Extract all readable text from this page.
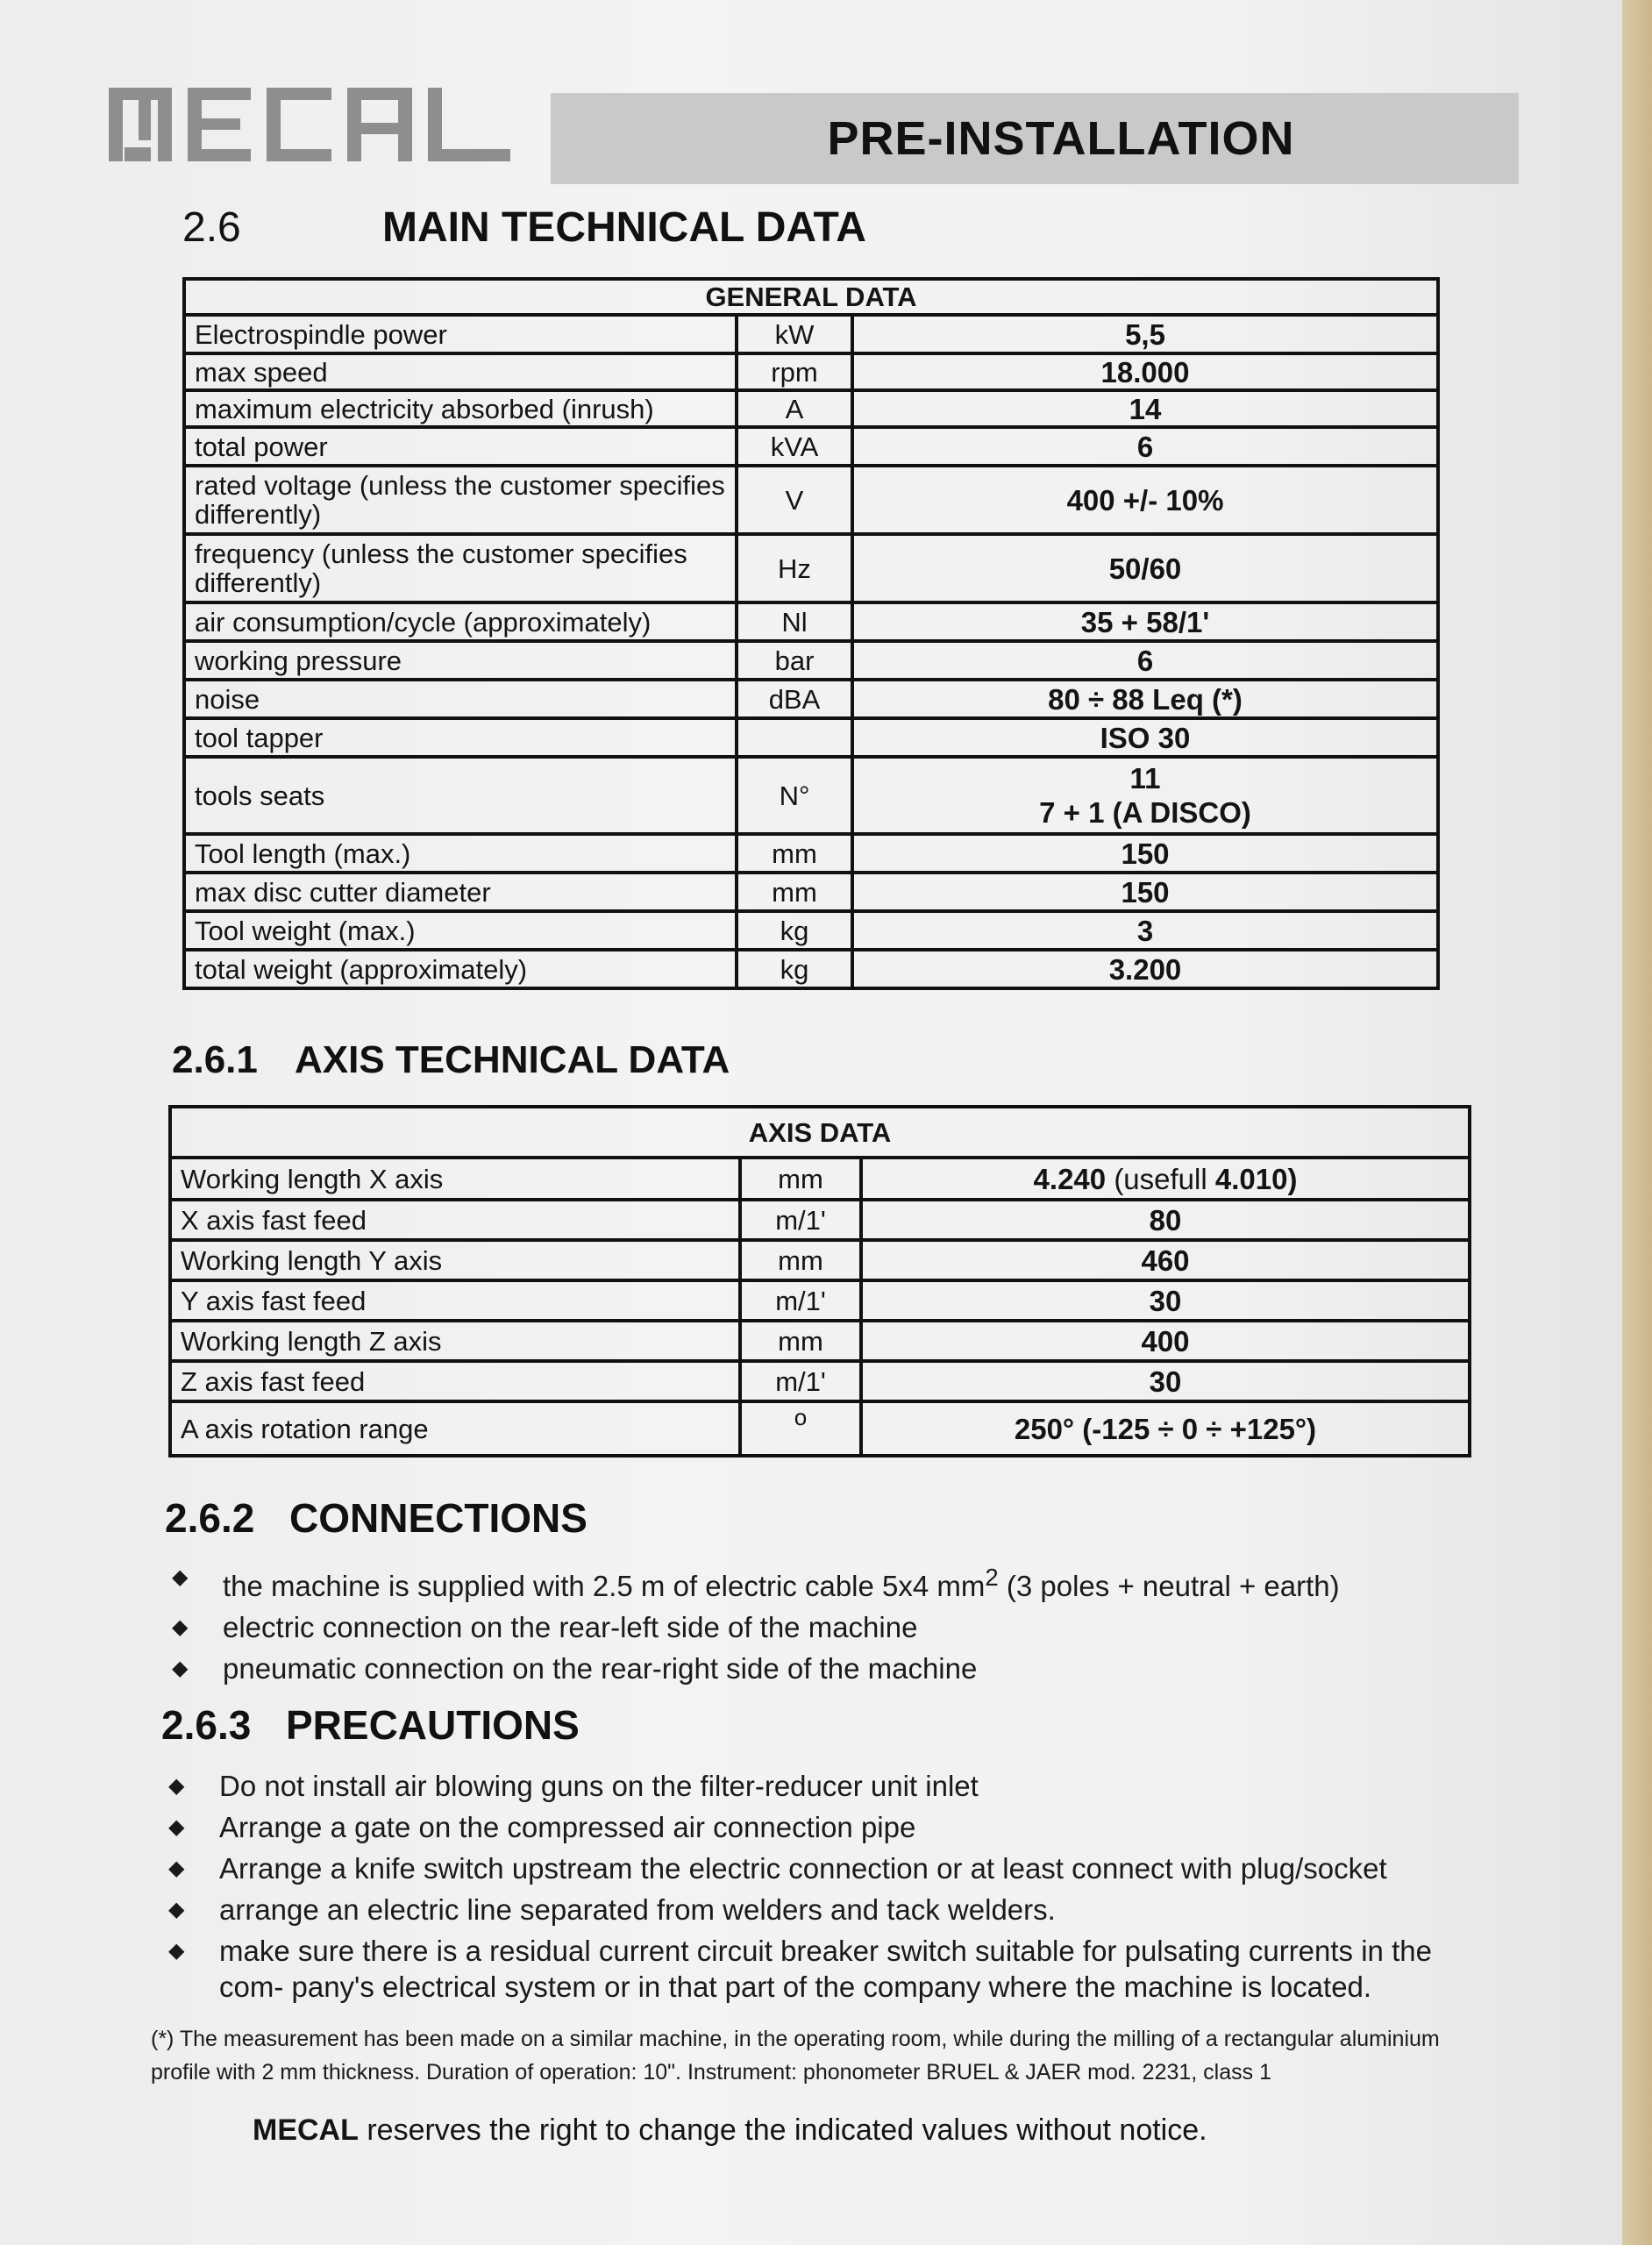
PRE-INSTALLATION
2.6	MAIN TECHNICAL DATA
GENERAL DATA		
Electrospindle power	kW	5,5

max speed	rpm	18.000

maximum electricity absorbed (inrush)	A	14

total power	kVA	6

rated voltage (unless the customer specifies differently)	V	400 +/- 10%

frequency (unless the customer specifies differently)	Hz	50/60

air consumption/cycle (approximately)	Nl	35 + 58/1'

working pressure	bar	6

noise	dBA	80 ÷ 88 Leq (*)

tool tapper		ISO 30

tools seats	N°	11
7 + 1 (A DISCO)

Tool length (max.)	mm	150

max disc cutter diameter	mm	150

Tool weight (max.)	kg	3

total weight (approximately)	kg	3.200
2.6.1 AXIS TECHNICAL DATA
AXIS DATA		
Working length X axis	mm	4.240 (usefull 4.010)
X axis fast feed	m/1'	80
Working length Y axis	mm	460
Y axis fast feed	m/1'	30
Working length Z axis	mm	400
Z axis fast feed	m/1'	30
A axis rotation range	o	250° (-125 ÷ 0 ÷ +125°)
2.6.2 CONNECTIONS
◆ the machine is supplied with 2.5 m of electric cable 5x4 $mm^2$ (3 poles + neutral + earth)
◆ electric connection on the rear-left side of the machine
◆ pneumatic connection on the rear-right side of the machine
2.6.3 PRECAUTIONS
◆ Do not install air blowing guns on the filter-reducer unit inlet
◆ Arrange a gate on the compressed air connection pipe
◆ Arrange a knife switch upstream the electric connection or at least connect with plug/socket
◆ arrange an electric line separated from welders and tack welders.
◆ make sure there is a residual current circuit breaker switch suitable for pulsating currents in the com- pany's electrical system or in that part of the company where the machine is located.
(*) The measurement has been made on a similar machine, in the operating room, while during the milling of a rectangular aluminium profile with 2 mm thickness. Duration of operation: 10". Instrument: phonometer BRUEL & JAER mod. 2231, class 1
MECAL reserves the right to change the indicated values without notice.
